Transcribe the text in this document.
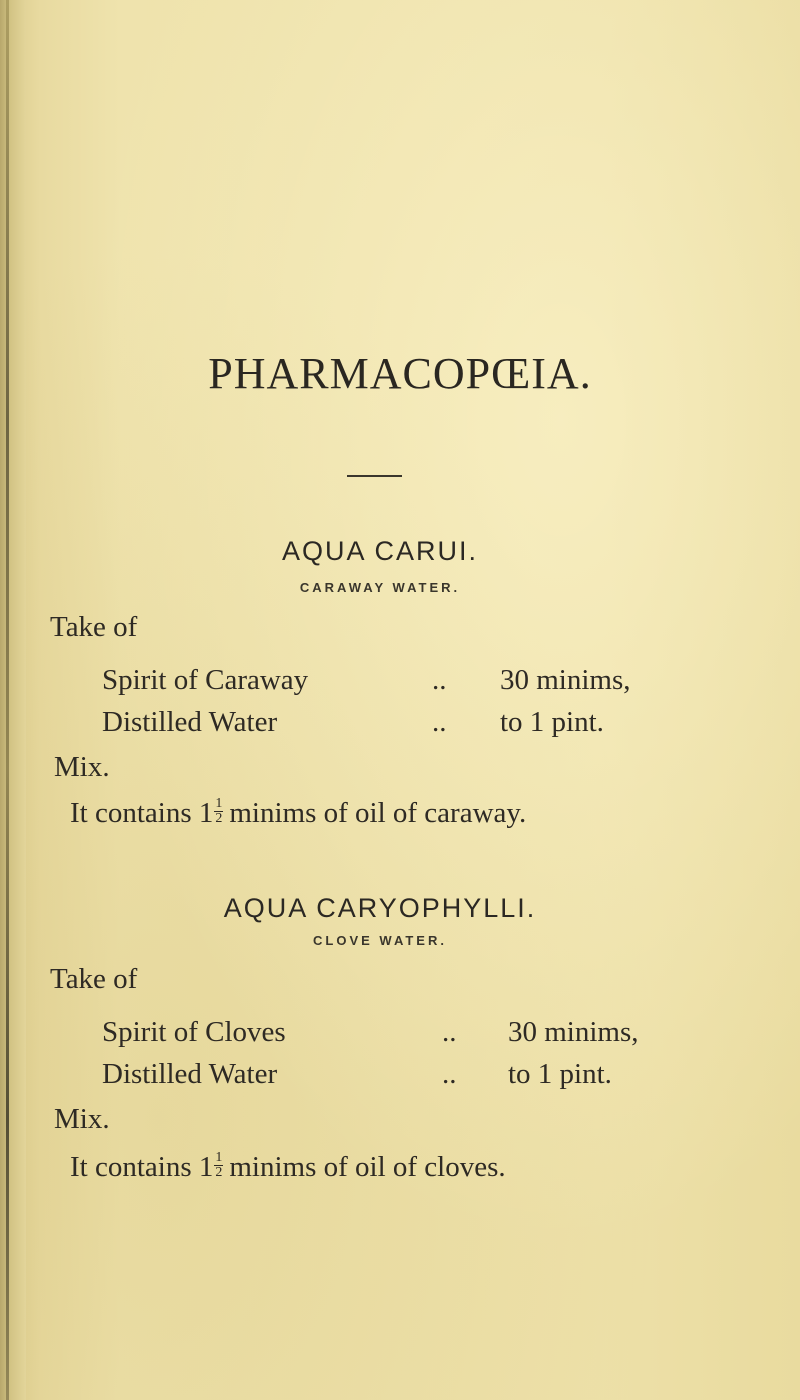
PHARMACOPŒIA.
AQUA CARUI.
CARAWAY WATER.
Take of
Spirit of Caraway	.. 30 minims,
Distilled Water	.. to 1 pint.
Mix.
It contains $1 \frac{1}{2}$ minims of oil of caraway.
AQUA CARYOPHYLLI.
CLOVE WATER.
Take of
Spirit of Cloves	.. 30 minims,
Distilled Water	.. to 1 pint.
Mix.
It contains $1 \frac{1}{2}$ minims of oil of cloves.
